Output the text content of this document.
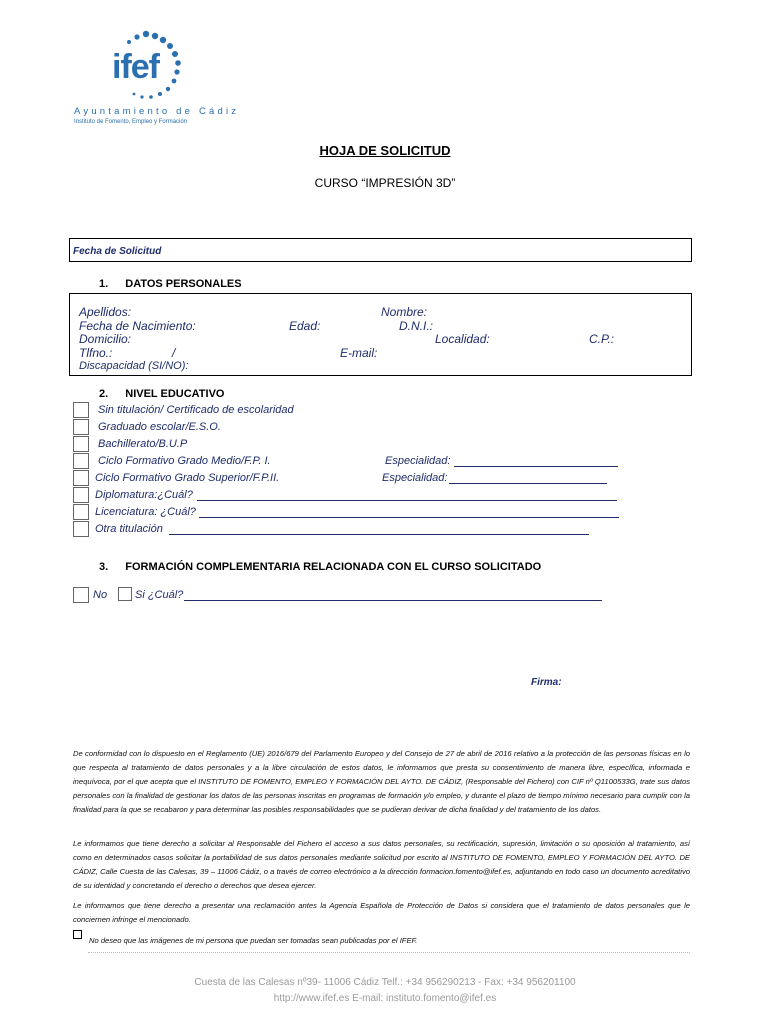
ifef
Ayuntamiento de Cádiz
Instituto de Fomento, Empleo y Formación
HOJA DE SOLICITUD
CURSO “IMPRESIÓN 3D”
Fecha de Solicitud
1. DATOS PERSONALES
Apellidos:	Nombre:
Fecha de Nacimiento:	Edad:	D.N.I.:
Domicilio:	Localidad:	C.P.:
Tlfno.:	/	E-mail:
Discapacidad (SI/NO):
2. NIVEL EDUCATIVO
Sin titulación/ Certificado de escolaridad
Graduado escolar/E.S.O.
Bachillerato/B.U.P
Ciclo Formativo Grado Medio/F.P. I.	Especialidad:
Ciclo Formativo Grado Superior/F.P.II.	Especialidad:
Diplomatura:¿Cuál?
Licenciatura: ¿Cuál?
Otra titulación
3. FORMACIÓN COMPLEMENTARIA RELACIONADA CON EL CURSO SOLICITADO
No	Si ¿Cuál?
Firma:
De conformidad con lo dispuesto en el Reglamento (UE) 2016/679 del Parlamento Europeo y del Consejo de 27 de abril de 2016 relativo a la protección de las personas físicas en lo que respecta al tratamiento de datos personales y a la libre circulación de estos datos, le informamos que presta su consentimiento de manera libre, específica, informada e inequívoca, por el que acepta que el INSTITUTO DE FOMENTO, EMPLEO Y FORMACIÓN DEL AYTO. DE CÁDIZ, (Responsable del Fichero) con CIF nº Q1100533G, trate sus datos personales con la finalidad de gestionar los datos de las personas inscritas en programas de formación y/o empleo, y durante el plazo de tiempo mínimo necesario para cumplir con la finalidad para la que se recabaron y para determinar las posibles responsabilidades que se pudieran derivar de dicha finalidad y del tratamiento de los datos.
Le informamos que tiene derecho a solicitar al Responsable del Fichero el acceso a sus datos personales, su rectificación, supresión, limitación o su oposición al tratamiento, así como en determinados casos solicitar la portabilidad de sus datos personales mediante solicitud por escrito al INSTITUTO DE FOMENTO, EMPLEO Y FORMACIÓN DEL AYTO. DE CÁDIZ, Calle Cuesta de las Calesas, 39 – 11006 Cádiz, o a través de correo electrónico a la dirección formacion.fomento@ifef.es, adjuntando en todo caso un documento acreditativo de su identidad y concretando el derecho o derechos que desea ejercer.
Le informamos que tiene derecho a presentar una reclamación antes la Agencia Española de Protección de Datos si considera que el tratamiento de datos personales que le conciernen infringe el mencionado.
No deseo que las imágenes de mi persona que puedan ser tomadas sean publicadas por el IFEF.
Cuesta de las Calesas nº39- 11006 Cádiz Telf.: +34 956290213 - Fax: +34 956201100
http://www.ifef.es E-mail: instituto.fomento@ifef.es
